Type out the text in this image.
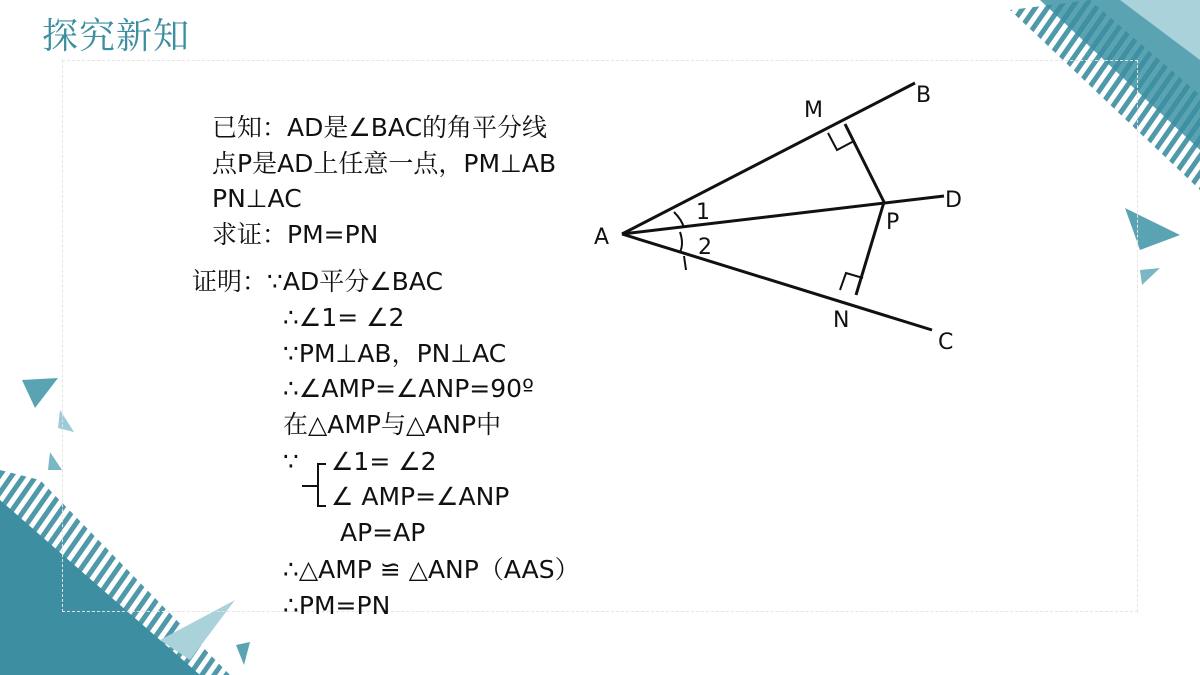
探究新知
已知：AD是∠BAC的角平分线
点P是AD上任意一点，PM⊥AB
PN⊥AC
求证：PM=PN
证明：∵AD平分∠BAC
∴∠1= ∠2
∵PM⊥AB，PN⊥AC
∴∠AMP=∠ANP=90º
在△AMP与△ANP中
∵ ∠1= ∠2
∠ AMP=∠ANP
AP=AP
∴△AMP ≌ △ANP（AAS）
∴PM=PN
A
B
C
D
M
N
P
1
2
